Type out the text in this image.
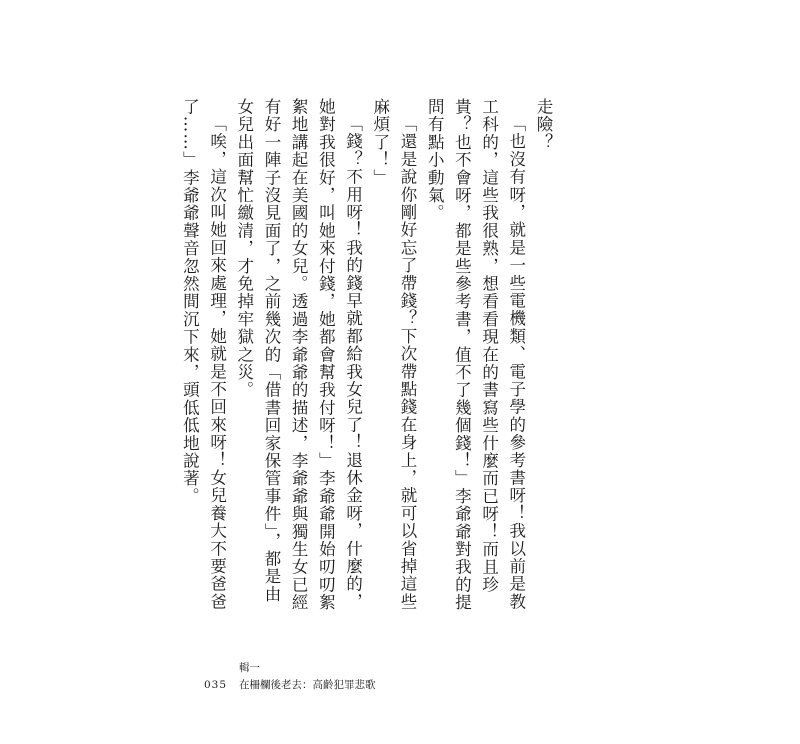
走險？

「也沒有呀，就是一些電機類、電子學的參考書呀！我以前是教工科的，這些我很熟，想看看現在的書寫些什麼而已呀！而且珍貴？也不會呀，都是些參考書，值不了幾個錢！」李爺爺對我的提問有點小動氣。

「還是說你剛好忘了帶錢？下次帶點錢在身上，就可以省掉這些麻煩了！」

「錢？不用呀！我的錢早就都給我女兒了！退休金呀，什麼的，她對我很好，叫她來付錢，她都會幫我付呀！」李爺爺開始叨叨絮絮地講起在美國的女兒。透過李爺爺的描述，李爺爺與獨生女已經有好一陣子沒見面了，之前幾次的「借書回家保管事件」，都是由女兒出面幫忙繳清，才免掉牢獄之災。

「唉，這次叫她回來處理，她就是不回來呀！女兒養大不要爸爸了……」李爺爺聲音忽然間沉下來，頭低低地說著。

035
輯一
在柵欄後老去：高齡犯罪悲歌
